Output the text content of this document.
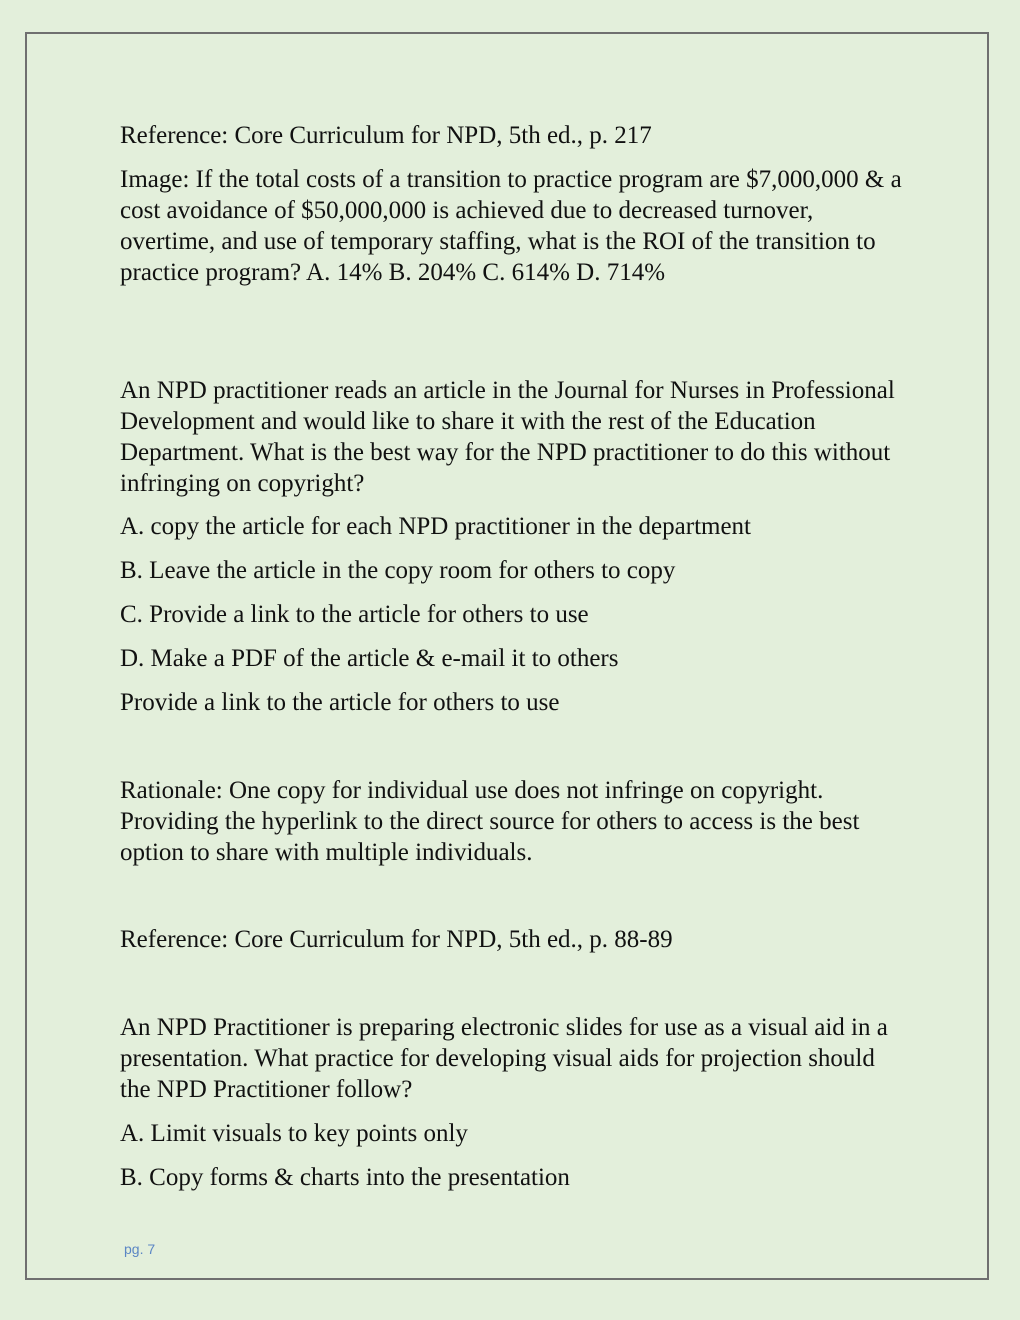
Reference: Core Curriculum for NPD, 5th ed., p. 217

Image: If the total costs of a transition to practice program are $7,000,000 & a cost avoidance of $50,000,000 is achieved due to decreased turnover, overtime, and use of temporary staffing, what is the ROI of the transition to practice program? A. 14% B. 204% C. 614% D. 714%

An NPD practitioner reads an article in the Journal for Nurses in Professional Development and would like to share it with the rest of the Education Department. What is the best way for the NPD practitioner to do this without infringing on copyright?

A. copy the article for each NPD practitioner in the department

B. Leave the article in the copy room for others to copy

C. Provide a link to the article for others to use

D. Make a PDF of the article & e-mail it to others

Provide a link to the article for others to use

Rationale: One copy for individual use does not infringe on copyright. Providing the hyperlink to the direct source for others to access is the best option to share with multiple individuals.

Reference: Core Curriculum for NPD, 5th ed., p. 88-89

An NPD Practitioner is preparing electronic slides for use as a visual aid in a presentation. What practice for developing visual aids for projection should the NPD Practitioner follow?

A. Limit visuals to key points only

B. Copy forms & charts into the presentation

pg. 7
